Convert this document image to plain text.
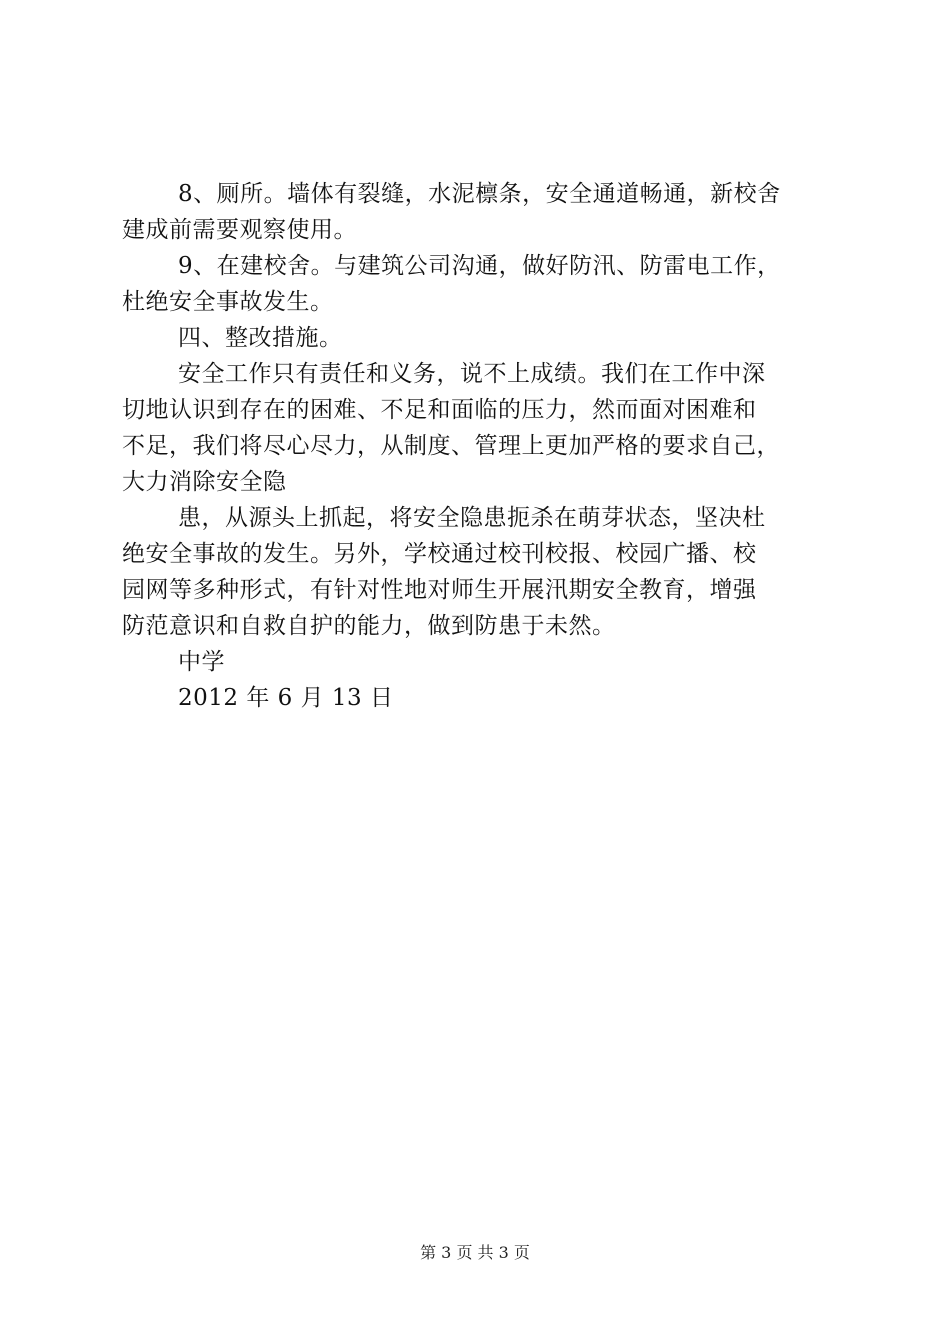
8、厕所。墙体有裂缝，水泥檩条，安全通道畅通，新校舍
建成前需要观察使用。
9、在建校舍。与建筑公司沟通，做好防汛、防雷电工作，
杜绝安全事故发生。
四、整改措施。
安全工作只有责任和义务，说不上成绩。我们在工作中深
切地认识到存在的困难、不足和面临的压力，然而面对困难和
不足，我们将尽心尽力，从制度、管理上更加严格的要求自己，
大力消除安全隐
患，从源头上抓起，将安全隐患扼杀在萌芽状态，坚决杜
绝安全事故的发生。另外，学校通过校刊校报、校园广播、校
园网等多种形式，有针对性地对师生开展汛期安全教育，增强
防范意识和自救自护的能力，做到防患于未然。
中学
2012 年 6 月 13 日
第 3 页 共 3 页
